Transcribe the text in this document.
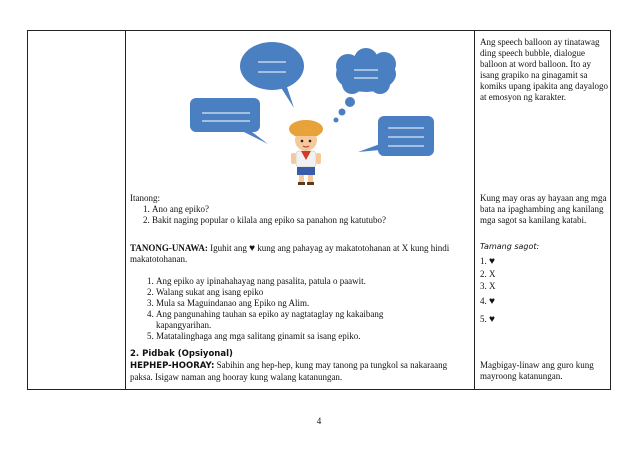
Ang speech balloon ay tinatawag ding speech bubble, dialogue balloon at word balloon. Ito ay isang grapiko na ginagamit sa komiks upang ipakita ang dayalogo at emosyon ng karakter.
Itanong:
1. Ano ang epiko?
2. Bakit naging popular o kilala ang epiko sa panahon ng katutubo?
Kung may oras ay hayaan ang mga bata na ipaghambing ang kanilang mga sagot sa kanilang katabi.
TANONG-UNAWA: Iguhit ang ♥ kung ang pahayag ay makatotohanan at X kung hindi makatotohanan.
1. Ang epiko ay ipinahahayag nang pasalita, patula o paawit.
2. Walang sukat ang isang epiko
3. Mula sa Maguindanao ang Epiko ng Alim.
4. Ang pangunahing tauhan sa epiko ay nagtataglay ng kakaibang kapangyarihan.
5. Matatalinghaga ang mga salitang ginamit sa isang epiko.
Tamang sagot:
1. ♥
2. X
3. X
4. ♥
5. ♥
2. Pidbak (Opsiyonal)
HEPHEP-HOORAY: Sabihin ang hep-hep, kung may tanong pa tungkol sa nakaraang paksa. Isigaw naman ang hooray kung walang katanungan.
Magbigay-linaw ang guro kung mayroong katanungan.
4
